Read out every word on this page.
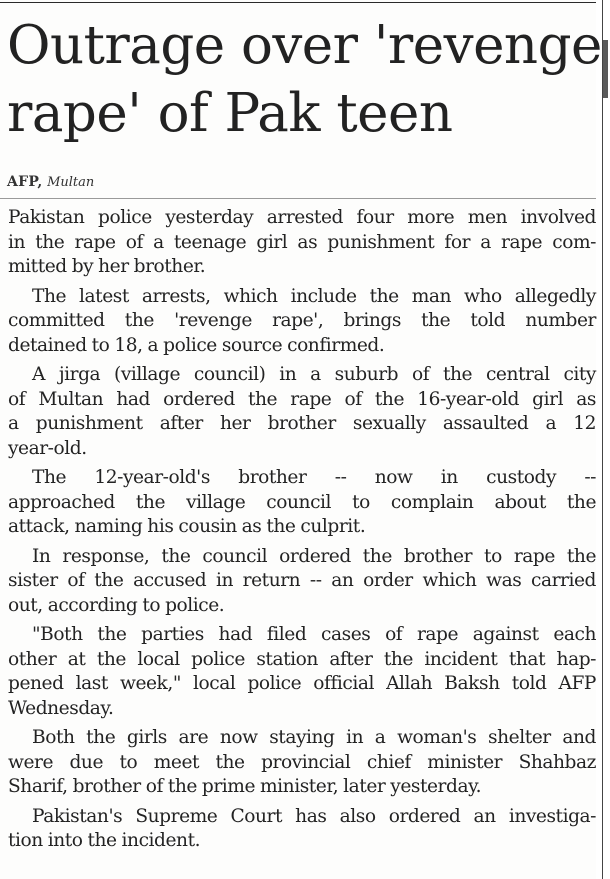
Outrage over 'revenge
rape' of Pak teen
AFP, Multan

Pakistan police yesterday arrested four more men involved
in the rape of a teenage girl as punishment for a rape com-
mitted by her brother.

The latest arrests, which include the man who allegedly
committed the 'revenge rape', brings the told number
detained to 18, a police source confirmed.

A jirga (village council) in a suburb of the central city
of Multan had ordered the rape of the 16-year-old girl as
a punishment after her brother sexually assaulted a 12
year-old.

The 12-year-old's brother -- now in custody --
approached the village council to complain about the
attack, naming his cousin as the culprit.

In response, the council ordered the brother to rape the
sister of the accused in return -- an order which was carried
out, according to police.

"Both the parties had filed cases of rape against each
other at the local police station after the incident that hap-
pened last week," local police official Allah Baksh told AFP
Wednesday.

Both the girls are now staying in a woman's shelter and
were due to meet the provincial chief minister Shahbaz
Sharif, brother of the prime minister, later yesterday.

Pakistan's Supreme Court has also ordered an investiga-
tion into the incident.
